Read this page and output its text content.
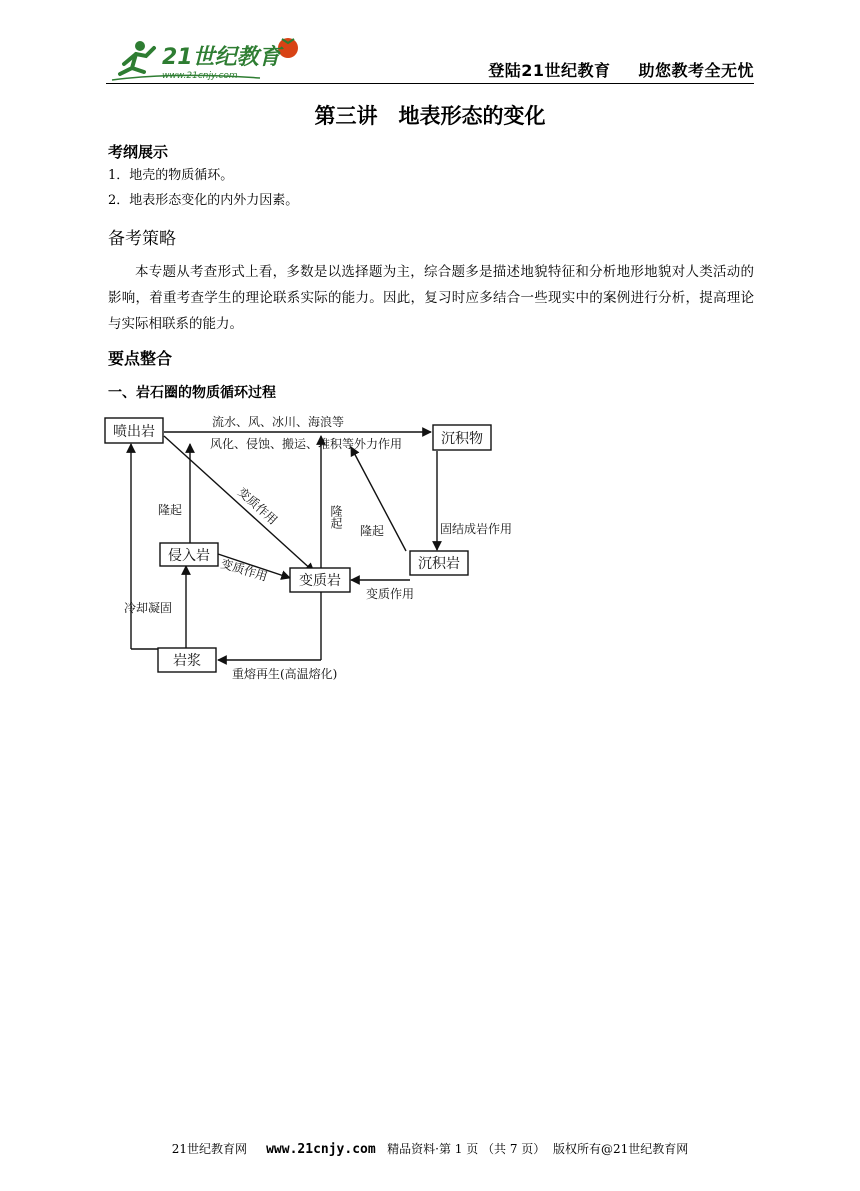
21世纪教育
www.21cnjy.com	登陆21世纪教育 助您教考全无忧
第三讲　地表形态的变化
考纲展示
1．地壳的物质循环。
2．地表形态变化的内外力因素。
备考策略
本专题从考查形式上看，多数是以选择题为主，综合题多是描述地貌特征和分析地形地貌对人类活动的影响，着重考查学生的理论联系实际的能力。因此，复习时应多结合一些现实中的案例进行分析，提高理论与实际相联系的能力。
要点整合
一、岩石圈的物质循环过程
喷出岩	沉积物
侵入岩
变质岩
沉积岩
岩浆
流水、风、冰川、海浪等
风化、侵蚀、搬运、堆积等外力作用
变质作用
隆起	隆起
隆起	固结成岩作用
变质作用
变质作用
冷却凝固
重熔再生(高温熔化)
21世纪教育网 www.21cnjy.com 精品资料·第 1 页 （共 7 页） 版权所有@21世纪教育网
